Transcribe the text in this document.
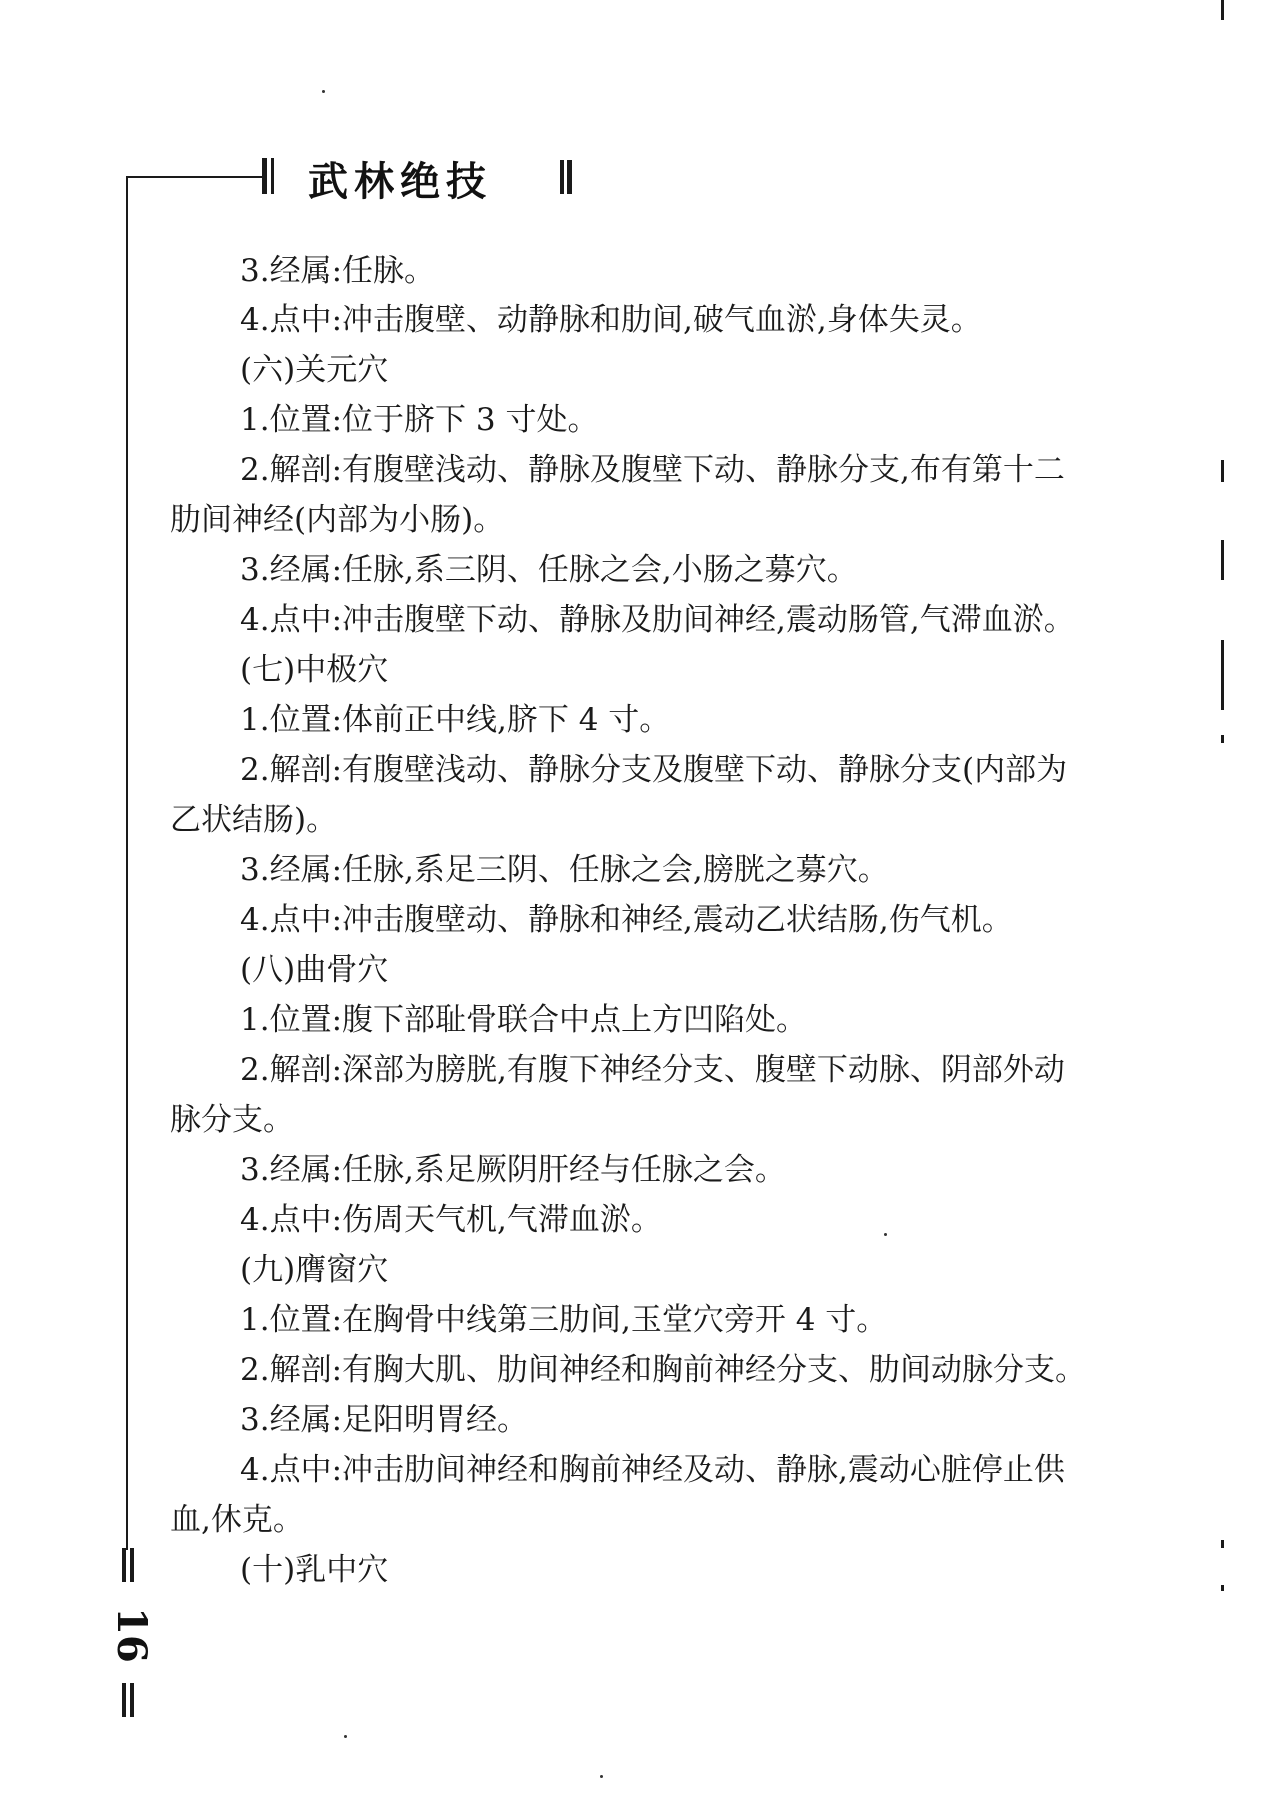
武林绝技
16
3.经属:任脉。
4.点中:冲击腹壁、动静脉和肋间,破气血淤,身体失灵。
(六)关元穴
1.位置:位于脐下 3 寸处。
2.解剖:有腹壁浅动、静脉及腹壁下动、静脉分支,布有第十二
肋间神经(内部为小肠)。
3.经属:任脉,系三阴、任脉之会,小肠之募穴。
4.点中:冲击腹壁下动、静脉及肋间神经,震动肠管,气滞血淤。
(七)中极穴
1.位置:体前正中线,脐下 4 寸。
2.解剖:有腹壁浅动、静脉分支及腹壁下动、静脉分支(内部为
乙状结肠)。
3.经属:任脉,系足三阴、任脉之会,膀胱之募穴。
4.点中:冲击腹壁动、静脉和神经,震动乙状结肠,伤气机。
(八)曲骨穴
1.位置:腹下部耻骨联合中点上方凹陷处。
2.解剖:深部为膀胱,有腹下神经分支、腹壁下动脉、阴部外动
脉分支。
3.经属:任脉,系足厥阴肝经与任脉之会。
4.点中:伤周天气机,气滞血淤。
(九)膺窗穴
1.位置:在胸骨中线第三肋间,玉堂穴旁开 4 寸。
2.解剖:有胸大肌、肋间神经和胸前神经分支、肋间动脉分支。
3.经属:足阳明胃经。
4.点中:冲击肋间神经和胸前神经及动、静脉,震动心脏停止供
血,休克。
(十)乳中穴
